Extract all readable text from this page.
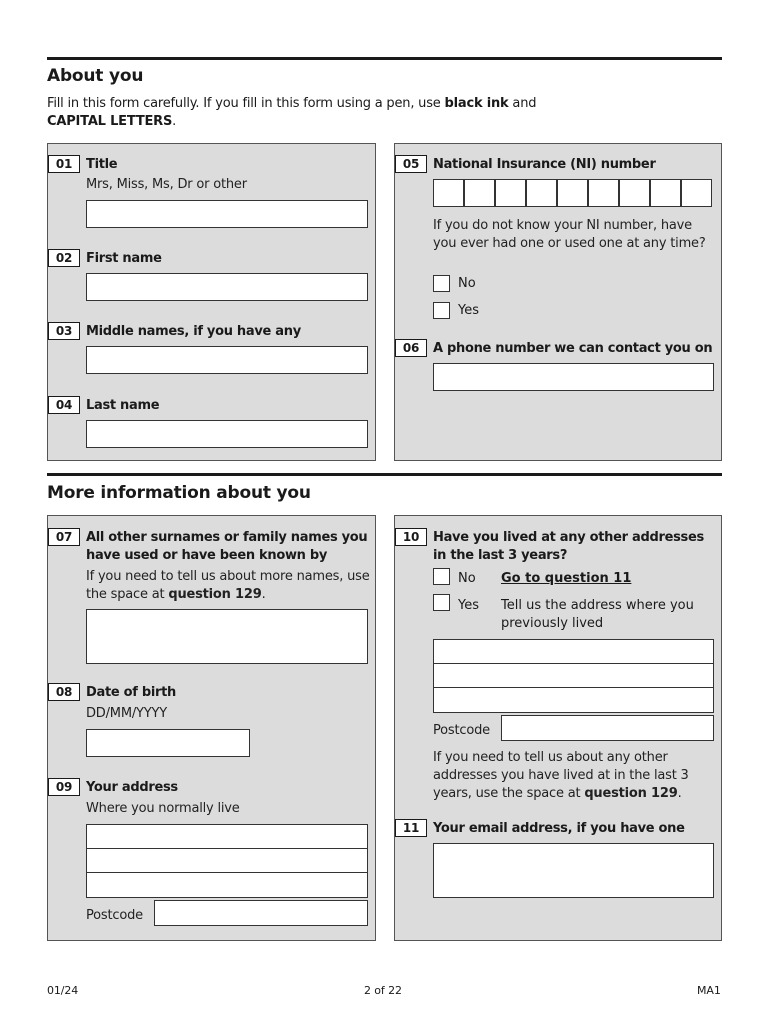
About you
Fill in this form carefully. If you fill in this form using a pen, use black ink and
CAPITAL LETTERS.
01	Title
Mrs, Miss, Ms, Dr or other
02	First name
03	Middle names, if you have any
04	Last name
05	National Insurance (NI) number
If you do not know your NI number, have you ever had one or used one at any time?
No
Yes
06	A phone number we can contact you on
More information about you
07	All other surnames or family names you have used or have been known by
If you need to tell us about more names, use the space at question 129.
08	Date of birth
DD/MM/YYYY
09	Your address
Where you normally live
Postcode
10	Have you lived at any other addresses in the last 3 years?
No Go to question 11
Yes Tell us the address where you previously lived
Postcode
If you need to tell us about any other addresses you have lived at in the last 3 years, use the space at question 129.
11	Your email address, if you have one
01/24	2 of 22	MA1
